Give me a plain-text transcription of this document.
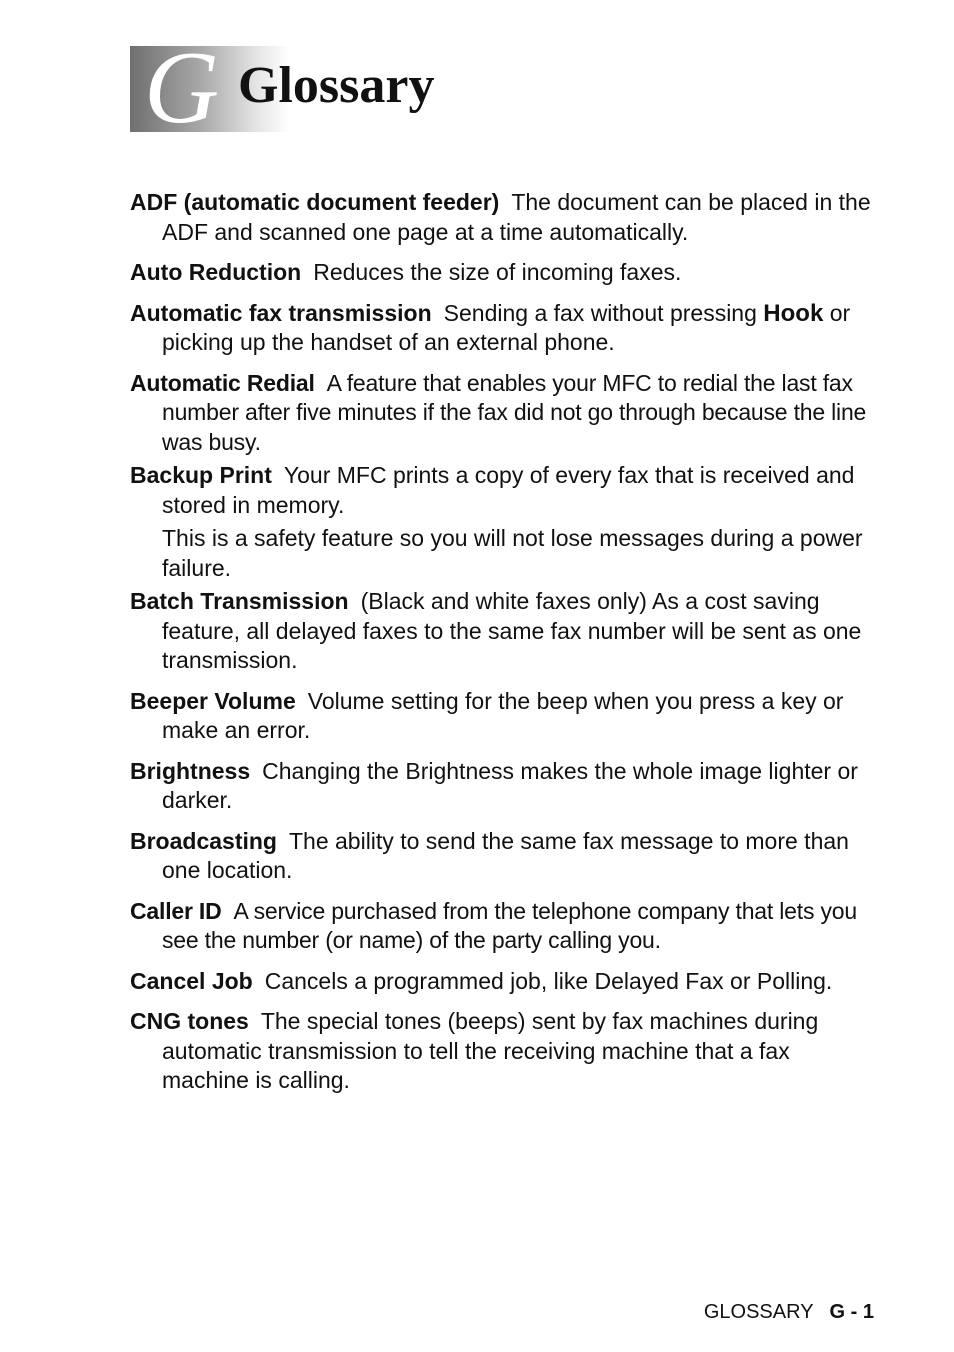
G Glossary

ADF (automatic document feeder) The document can be placed in the ADF and scanned one page at a time automatically.

Auto Reduction Reduces the size of incoming faxes.

Automatic fax transmission Sending a fax without pressing Hook or picking up the handset of an external phone.

Automatic Redial A feature that enables your MFC to redial the last fax number after five minutes if the fax did not go through because the line was busy.

Backup Print Your MFC prints a copy of every fax that is received and stored in memory.

This is a safety feature so you will not lose messages during a power failure.

Batch Transmission (Black and white faxes only) As a cost saving feature, all delayed faxes to the same fax number will be sent as one transmission.

Beeper Volume Volume setting for the beep when you press a key or make an error.

Brightness Changing the Brightness makes the whole image lighter or darker.

Broadcasting The ability to send the same fax message to more than one location.

Caller ID A service purchased from the telephone company that lets you see the number (or name) of the party calling you.

Cancel Job Cancels a programmed job, like Delayed Fax or Polling.

CNG tones The special tones (beeps) sent by fax machines during automatic transmission to tell the receiving machine that a fax machine is calling.

GLOSSARY G - 1
